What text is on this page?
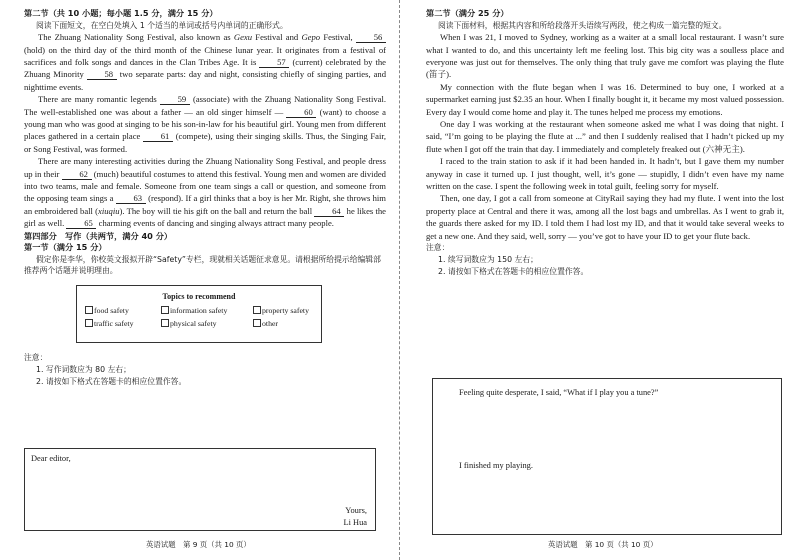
第二节（共 10 小题；每小题 1.5 分，满分 15 分）
阅读下面短文，在空白处填入 1 个适当的单词或括号内单词的正确形式。

The Zhuang Nationality Song Festival, also known as Gexu Festival and Gepo Festival, 56 (hold) on the third day of the third month of the Chinese lunar year. It originates from a festival of sacrifices and folk songs and dances in the Clan Tribes Age. It is 57 (current) celebrated by the Zhuang Minority 58 two separate parts: day and night, consisting chiefly of singing parties, and nighttime events.

There are many romantic legends 59 (associate) with the Zhuang Nationality Song Festival. The well-established one was about a father — an old singer himself — 60 (want) to choose a young man who was good at singing to be his son-in-law for his beautiful girl. Young men from different places gathered in a certain place 61 (compete), using their singing skills. Thus, the Singing Fair, or Song Festival, was formed.

There are many interesting activities during the Zhuang Nationality Song Festival, and people dress up in their 62 (much) beautiful costumes to attend this festival. Young men and women are divided into two teams, male and female. Someone from one team sings a call or question, and someone from the opposing team sings a 63 (respond). If a girl thinks that a boy is her Mr. Right, she throws him an embroidered ball (xiuqiu). The boy will tie his gift on the ball and return the ball 64 he likes the girl as well. 65 charming events of dancing and singing always attract many people.

第四部分　写作（共两节，满分 40 分）
第一节（满分 15 分）
假定你是李华，你校英文报拟开辟“Safety”专栏，现就相关话题征求意见。请根据所给提示给编辑部推荐两个话题并说明理由。
Topics to recommend
food safety	information safety	property safety
traffic safety	physical safety	other
注意：
1. 写作词数应为 80 左右；
2. 请按如下格式在答题卡的相应位置作答。
Dear editor,
Yours,
Li Hua
英语试题　第 9 页（共 10 页）
第二节（满分 25 分）
阅读下面材料，根据其内容和所给段落开头语续写两段，使之构成一篇完整的短文。

When I was 21, I moved to Sydney, working as a waiter at a small local restaurant. I wasn’t sure what I wanted to do, and this uncertainty left me feeling lost. This big city was a soulless place and everyone was just out for themselves. The only thing that truly gave me comfort was playing the flute (笛子).

My connection with the flute began when I was 16. Determined to buy one, I worked at a supermarket earning just $2.35 an hour. When I finally bought it, it became my most valued possession. Every day I would come home and play it. The tunes helped me process my emotions.

One day I was working at the restaurant when someone asked me what I was doing that night. I said, “I’m going to be playing the flute at ...” and then I suddenly realised that I hadn’t picked up my flute when I got off the train that day. I immediately and completely freaked out (六神无主).

I raced to the train station to ask if it had been handed in. It hadn’t, but I gave them my number anyway in case it turned up. I just thought, well, it’s gone — stupidly, I didn’t even have my name written on the case. I spent the following week in total guilt, feeling sorry for myself.

Then, one day, I got a call from someone at CityRail saying they had my flute. I went into the lost property place at Central and there it was, among all the lost bags and umbrellas. As I went to grab it, the guards there asked for my ID. I told them I had lost my ID, and that it would take several weeks to get a new one. And they said, well, sorry — you’ve got to have your ID to get your flute back.

注意：
1. 续写词数应为 150 左右；
2. 请按如下格式在答题卡的相应位置作答。
Feeling quite desperate, I said, “What if I play you a tune?”
I finished my playing.
英语试题　第 10 页（共 10 页）
